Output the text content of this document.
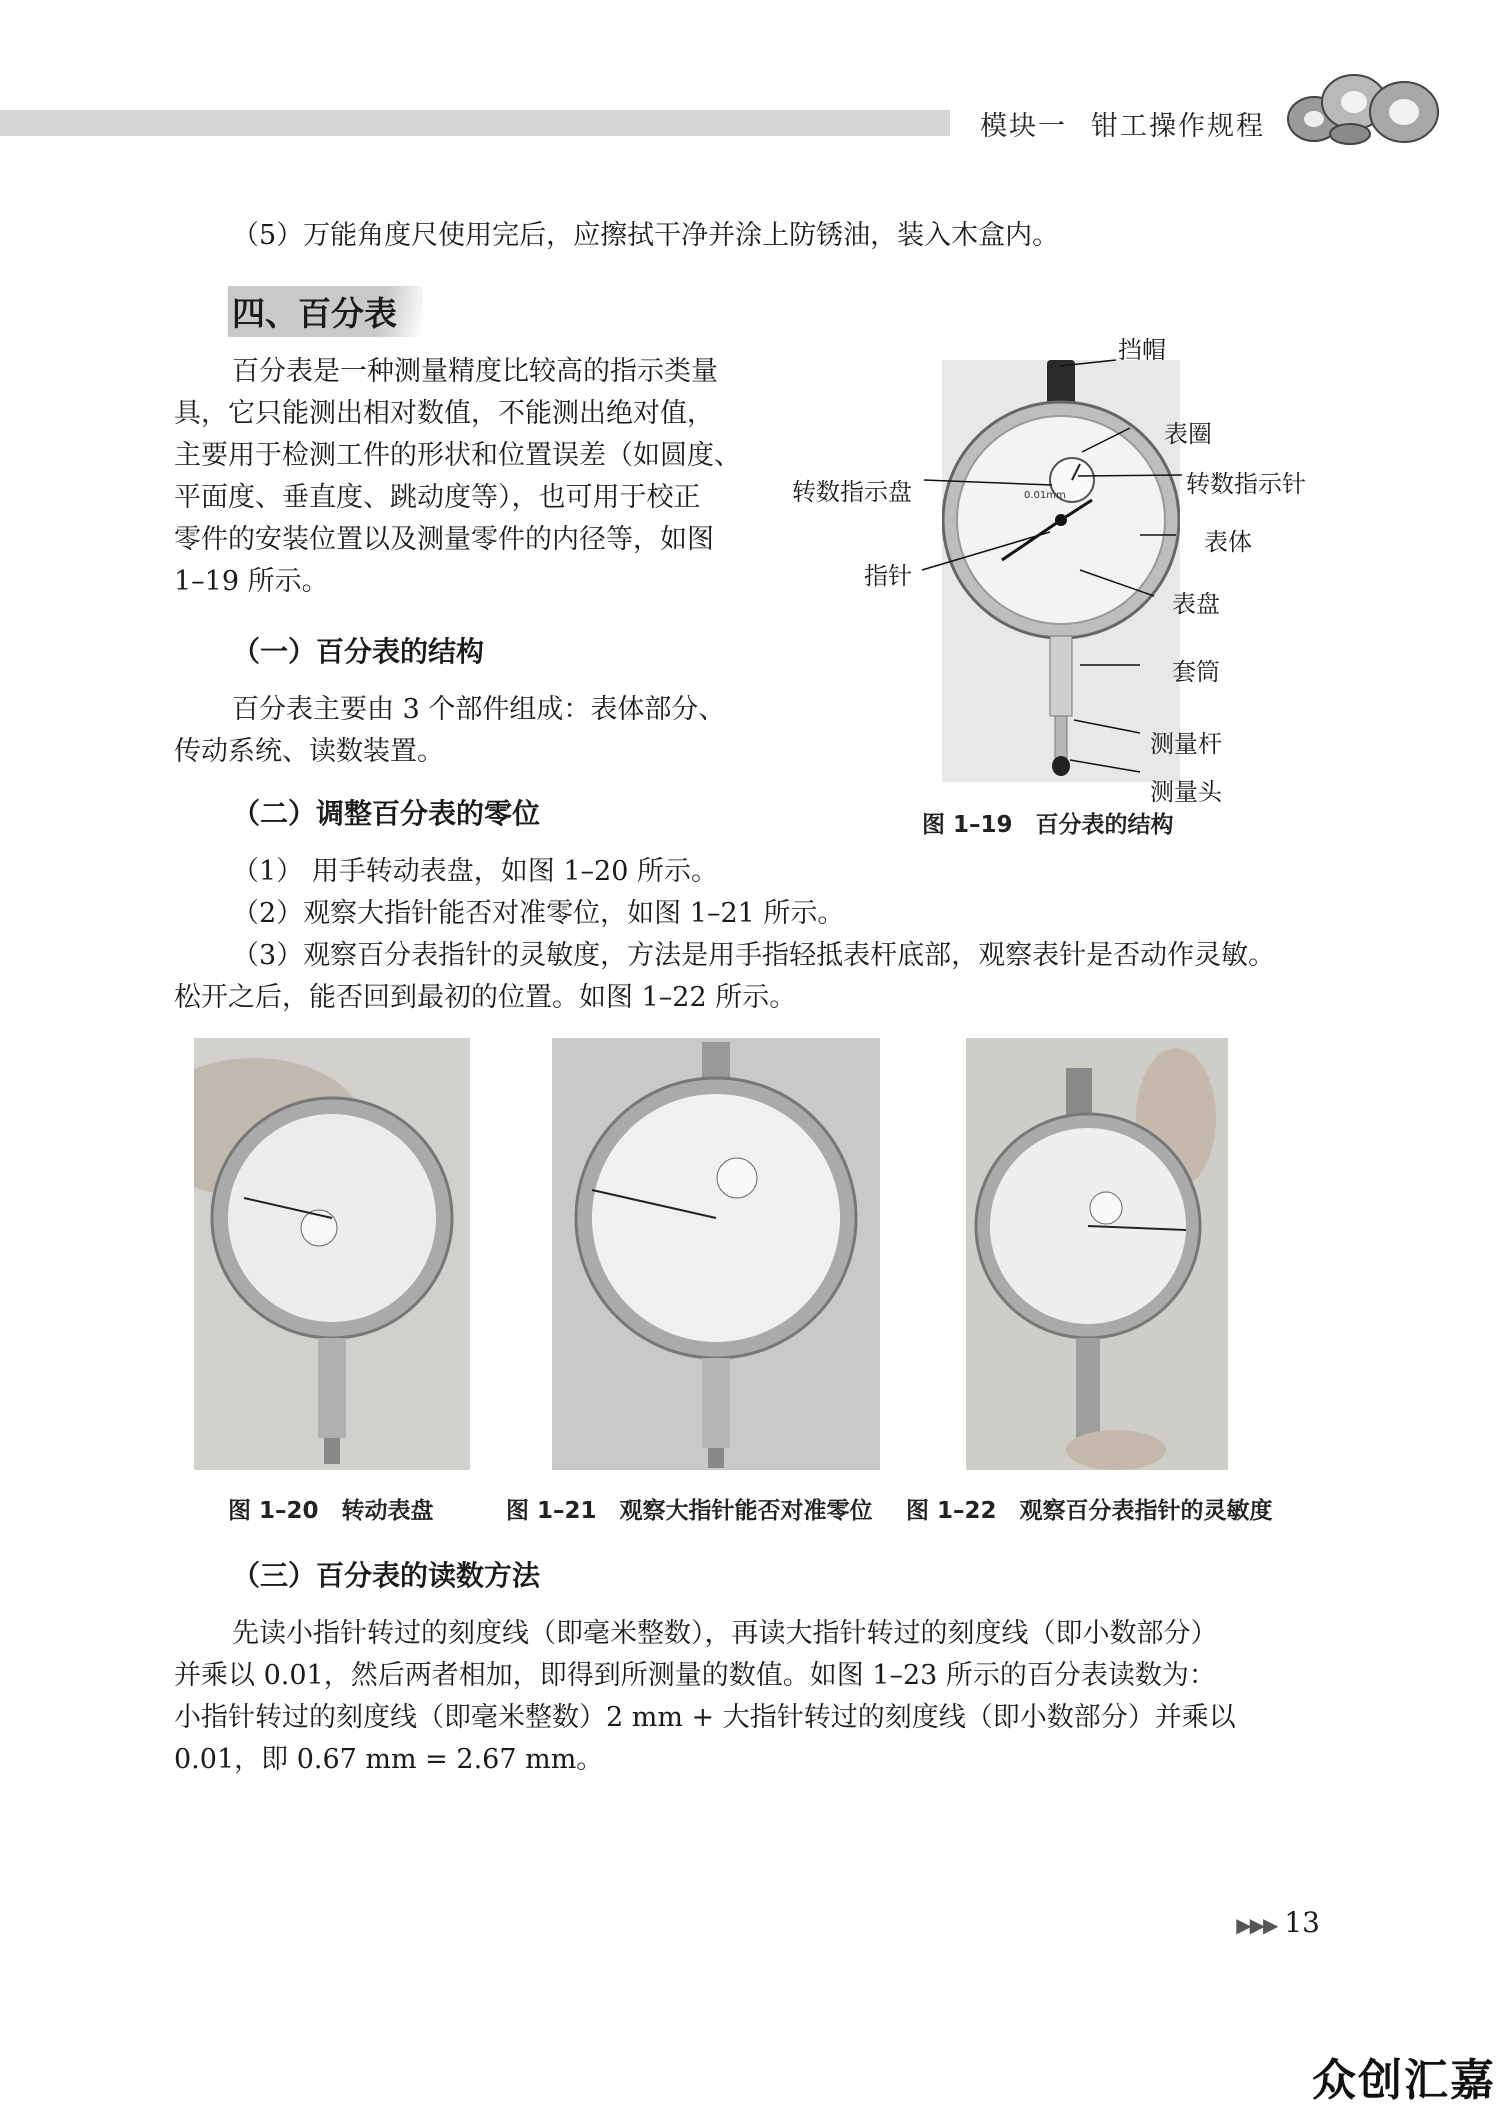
模块一 钳工操作规程
（5）万能角度尺使用完后，应擦拭干净并涂上防锈油，装入木盒内。
四、百分表
百分表是一种测量精度比较高的指示类量
具，它只能测出相对数值，不能测出绝对值，
主要用于检测工件的形状和位置误差（如圆度、
平面度、垂直度、跳动度等），也可用于校正
零件的安装位置以及测量零件的内径等，如图
1–19 所示。
（一）百分表的结构
百分表主要由 3 个部件组成：表体部分、
传动系统、读数装置。
（二）调整百分表的零位
（1） 用手转动表盘，如图 1–20 所示。
（2）观察大指针能否对准零位，如图 1–21 所示。
（3）观察百分表指针的灵敏度，方法是用手指轻抵表杆底部，观察表针是否动作灵敏。
松开之后，能否回到最初的位置。如图 1–22 所示。
0.01mm
挡帽
表圈
转数指示盘	转数指示针
表体
指针
表盘
套筒
测量杆
测量头
图 1–19　百分表的结构
图 1–20　转动表盘	图 1–21　观察大指针能否对准零位 图 1–22　观察百分表指针的灵敏度
（三）百分表的读数方法
先读小指针转过的刻度线（即毫米整数），再读大指针转过的刻度线（即小数部分）
并乘以 0.01，然后两者相加，即得到所测量的数值。如图 1–23 所示的百分表读数为：
小指针转过的刻度线（即毫米整数）2 mm + 大指针转过的刻度线（即小数部分）并乘以
0.01，即 0.67 mm = 2.67 mm。
▶▶▶ 13
众创汇嘉
